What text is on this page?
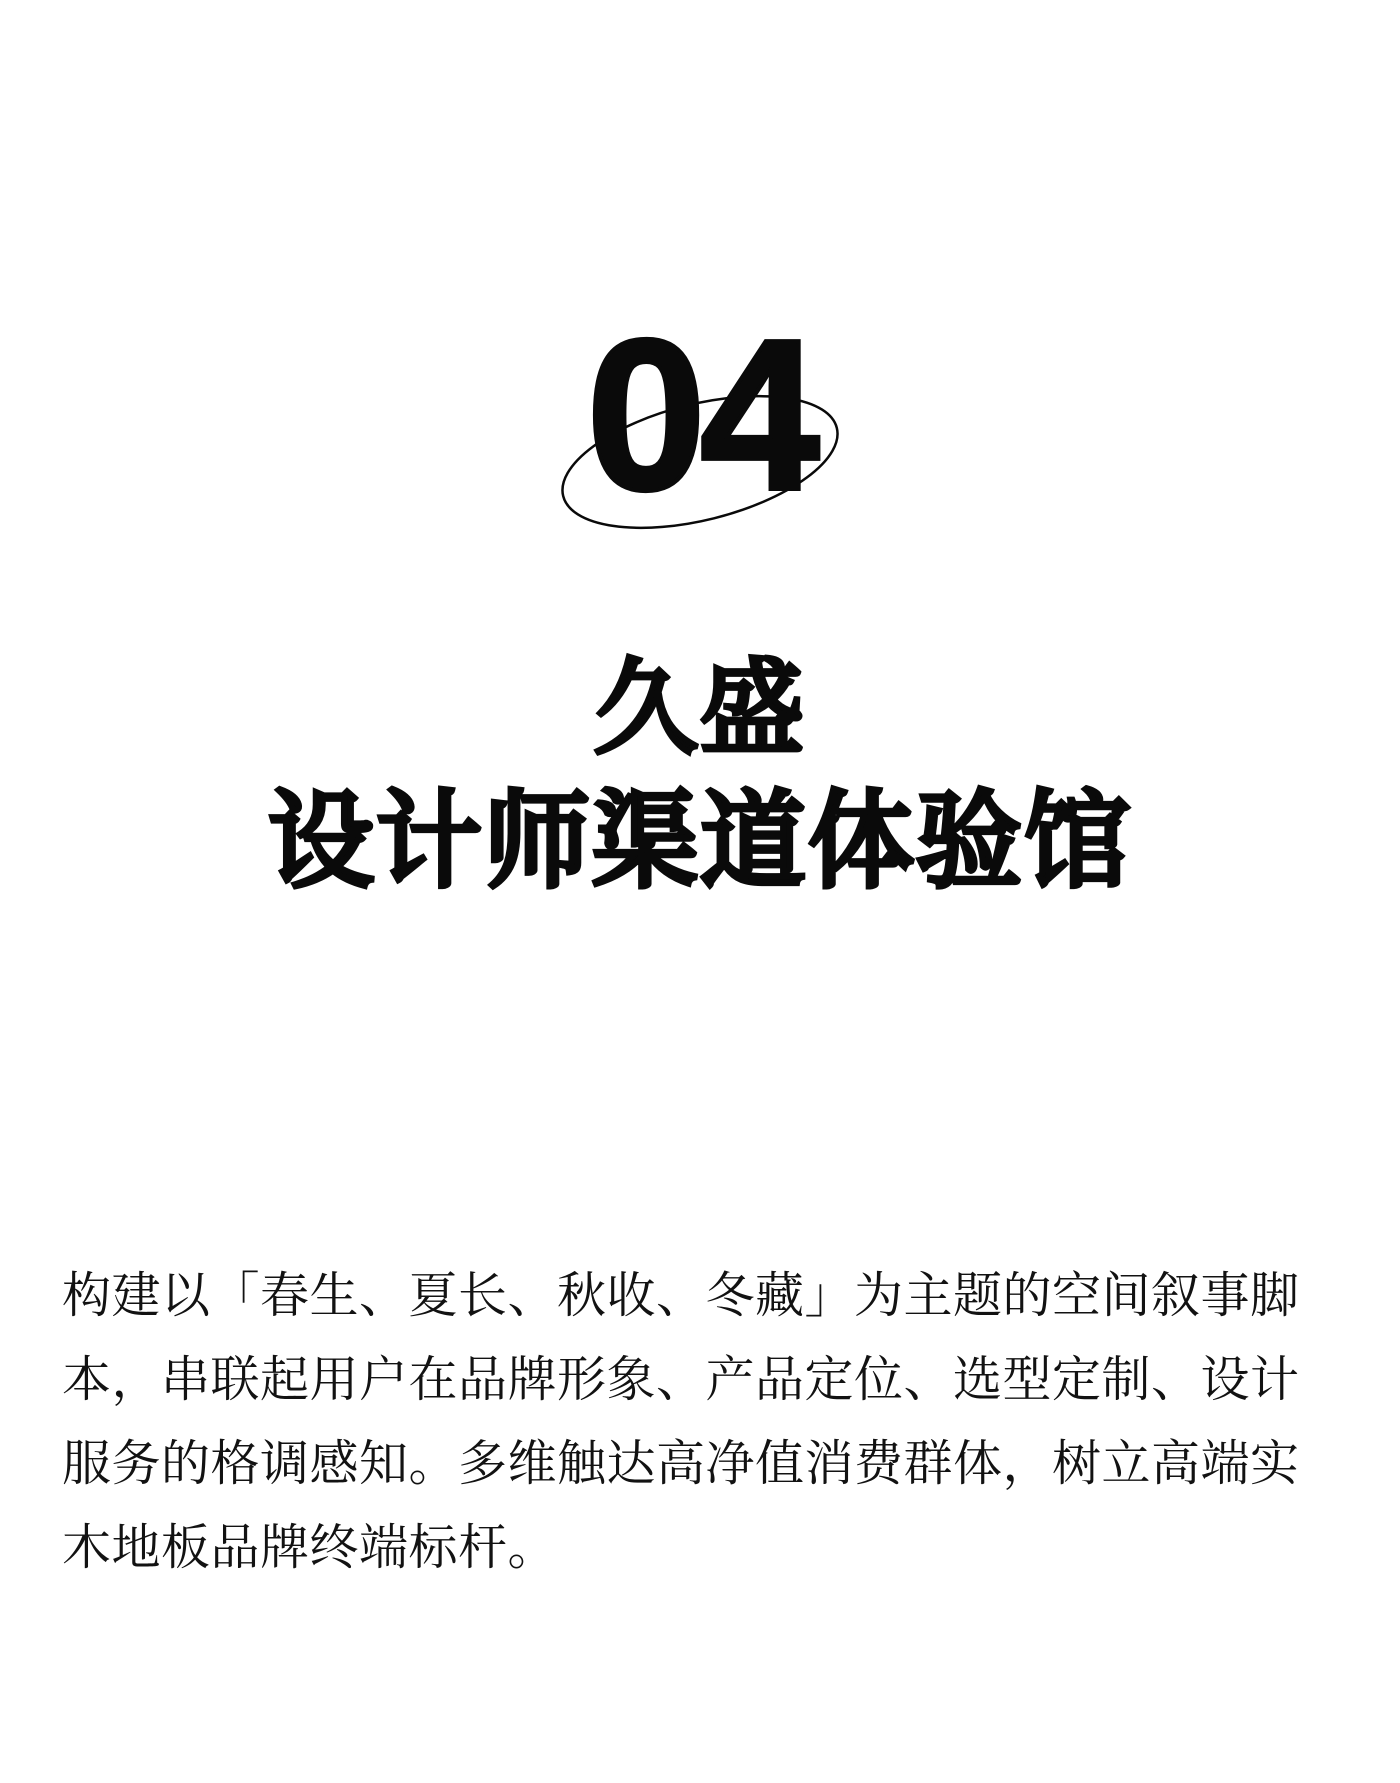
04
久盛
设计师渠道体验馆

构建以「春生、夏长、秋收、冬藏」为主题的空间叙事脚本，串联起用户在品牌形象、产品定位、选型定制、设计服务的格调感知。多维触达高净值消费群体，树立高端实木地板品牌终端标杆。
